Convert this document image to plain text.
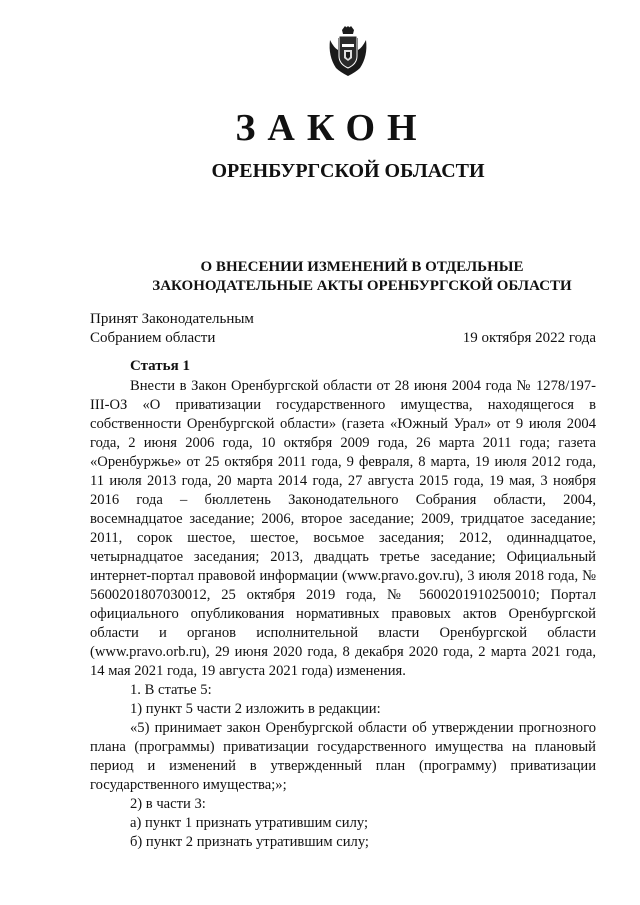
ЗАКОН
ОРЕНБУРГСКОЙ ОБЛАСТИ
О ВНЕСЕНИИ ИЗМЕНЕНИЙ В ОТДЕЛЬНЫЕ
ЗАКОНОДАТЕЛЬНЫЕ АКТЫ ОРЕНБУРГСКОЙ ОБЛАСТИ
Принят Законодательным
Собранием области	19 октября 2022 года
Статья 1

Внести в Закон Оренбургской области от 28 июня 2004 года № 1278/197-III-ОЗ «О приватизации государственного имущества, находящегося в собственности Оренбургской области» (газета «Южный Урал» от 9 июля 2004 года, 2 июня 2006 года, 10 октября 2009 года, 26 марта 2011 года; газета «Оренбуржье» от 25 октября 2011 года, 9 февраля, 8 марта, 19 июля 2012 года, 11 июля 2013 года, 20 марта 2014 года, 27 августа 2015 года, 19 мая, 3 ноября 2016 года – бюллетень Законодательного Собрания области, 2004, восемнадцатое заседание; 2006, второе заседание; 2009, тридцатое заседание; 2011, сорок шестое, шестое, восьмое заседания; 2012, одиннадцатое, четырнадцатое заседания; 2013, двадцать третье заседание; Официальный интернет-портал правовой информации (www.pravo.gov.ru), 3 июля 2018 года, № 5600201807030012, 25 октября 2019 года, № 5600201910250010; Портал официального опубликования нормативных правовых актов Оренбургской области и органов исполнительной власти Оренбургской области (www.pravo.orb.ru), 29 июня 2020 года, 8 декабря 2020 года, 2 марта 2021 года, 14 мая 2021 года, 19 августа 2021 года) изменения.

1. В статье 5:

1) пункт 5 части 2 изложить в редакции:

«5) принимает закон Оренбургской области об утверждении прогнозного плана (программы) приватизации государственного имущества на плановый период и изменений в утвержденный план (программу) приватизации государственного имущества;»;

2) в части 3:

а) пункт 1 признать утратившим силу;

б) пункт 2 признать утратившим силу;
